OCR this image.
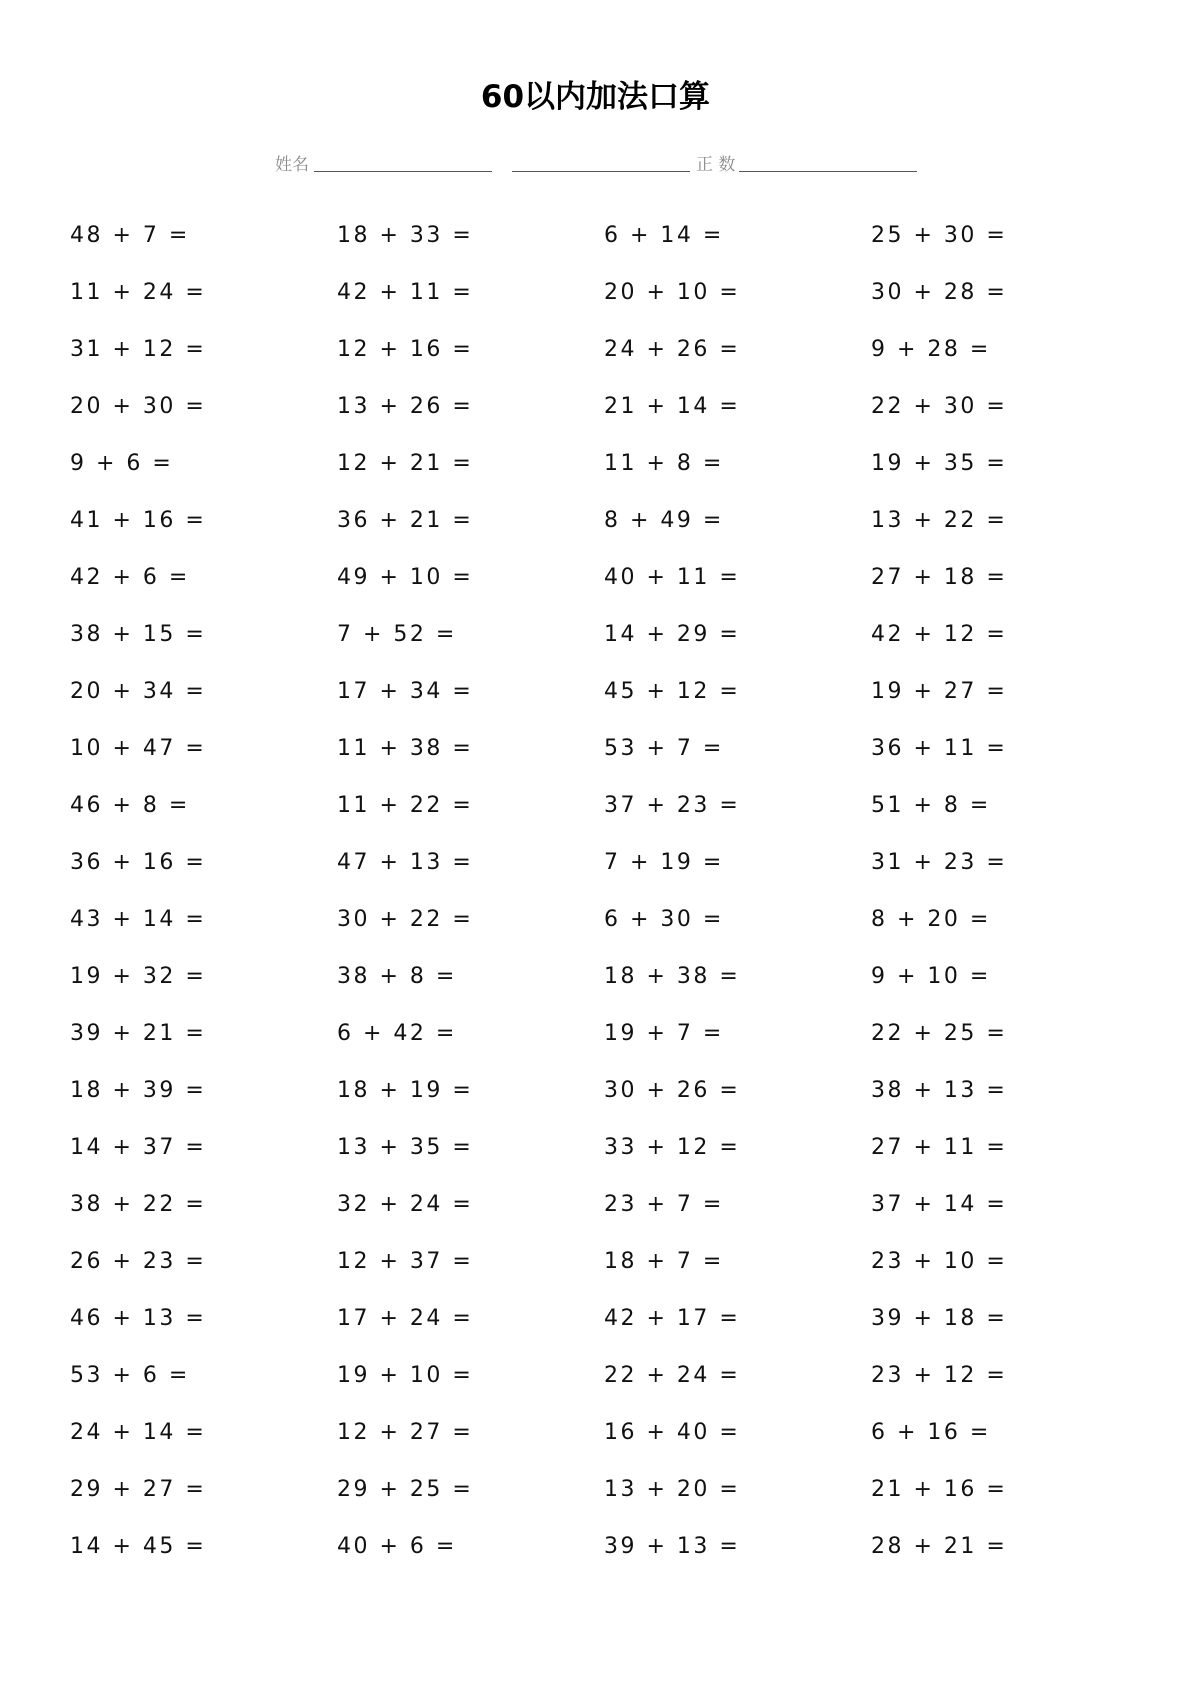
60以内加法口算
姓名	正 数
48 + 7 =	18 + 33 =	6 + 14 =	25 + 30 =
11 + 24 =	42 + 11 =	20 + 10 =	30 + 28 =
31 + 12 =	12 + 16 =	24 + 26 =	9 + 28 =
20 + 30 =	13 + 26 =	21 + 14 =	22 + 30 =
9 + 6 =	12 + 21 =	11 + 8 =	19 + 35 =
41 + 16 =	36 + 21 =	8 + 49 =	13 + 22 =
42 + 6 =	49 + 10 =	40 + 11 =	27 + 18 =
38 + 15 =	7 + 52 =	14 + 29 =	42 + 12 =
20 + 34 =	17 + 34 =	45 + 12 =	19 + 27 =
10 + 47 =	11 + 38 =	53 + 7 =	36 + 11 =
46 + 8 =	11 + 22 =	37 + 23 =	51 + 8 =
36 + 16 =	47 + 13 =	7 + 19 =	31 + 23 =
43 + 14 =	30 + 22 =	6 + 30 =	8 + 20 =
19 + 32 =	38 + 8 =	18 + 38 =	9 + 10 =
39 + 21 =	6 + 42 =	19 + 7 =	22 + 25 =
18 + 39 =	18 + 19 =	30 + 26 =	38 + 13 =
14 + 37 =	13 + 35 =	33 + 12 =	27 + 11 =
38 + 22 =	32 + 24 =	23 + 7 =	37 + 14 =
26 + 23 =	12 + 37 =	18 + 7 =	23 + 10 =
46 + 13 =	17 + 24 =	42 + 17 =	39 + 18 =
53 + 6 =	19 + 10 =	22 + 24 =	23 + 12 =
24 + 14 =	12 + 27 =	16 + 40 =	6 + 16 =
29 + 27 =	29 + 25 =	13 + 20 =	21 + 16 =
14 + 45 =	40 + 6 =	39 + 13 =	28 + 21 =
